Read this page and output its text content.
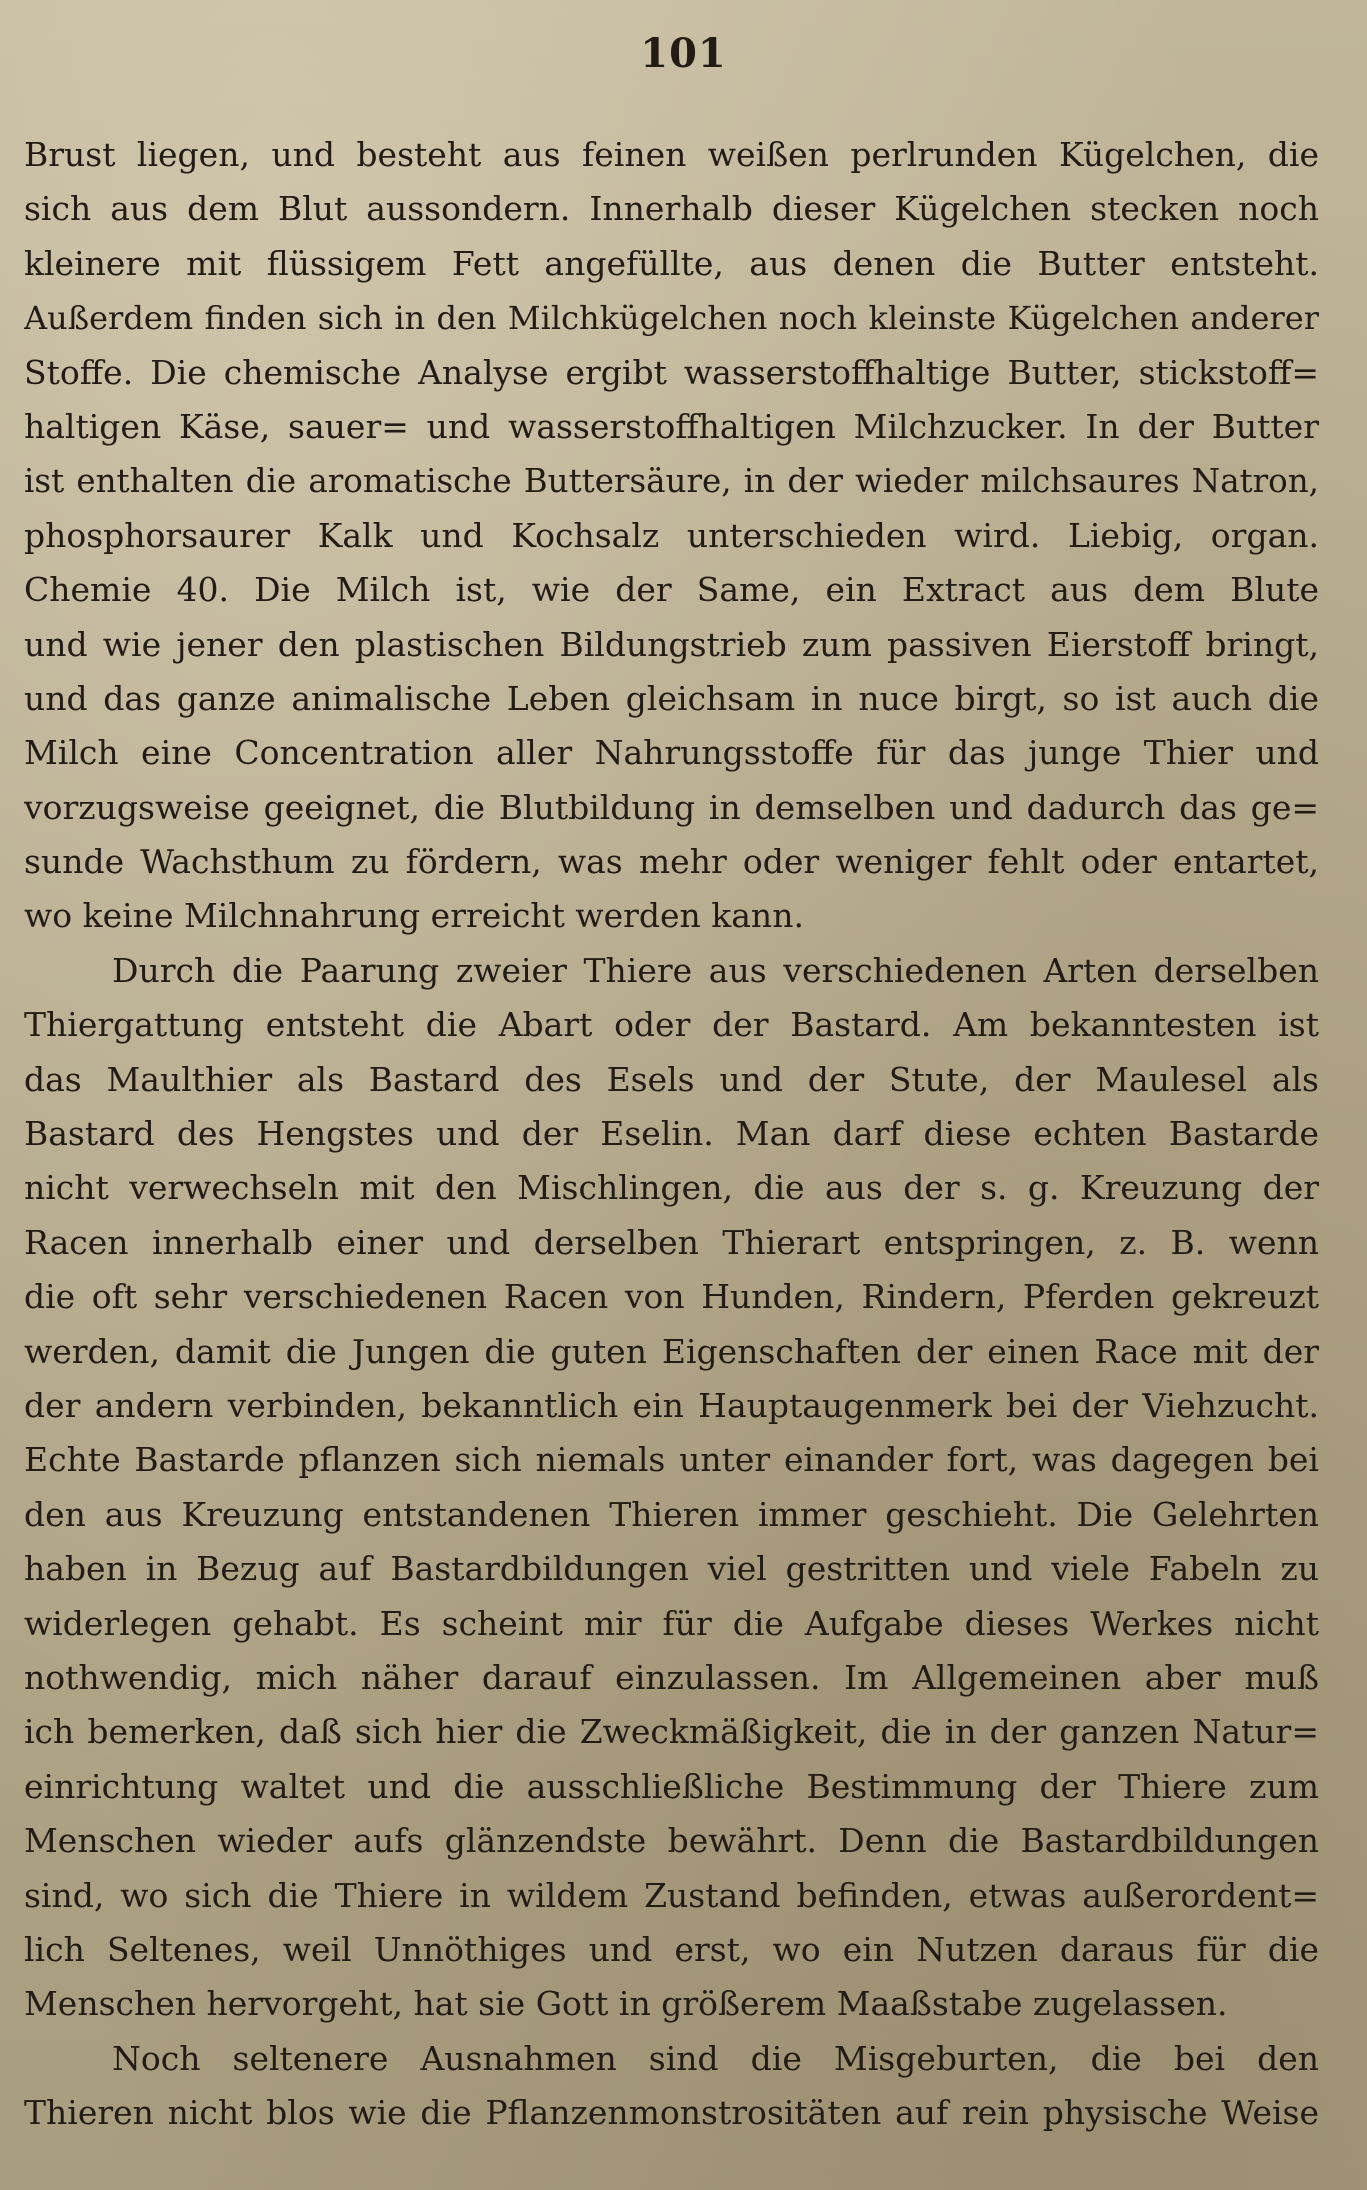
101
Brust liegen, und besteht aus feinen weißen perlrunden Kügelchen, die
sich aus dem Blut aussondern. Innerhalb dieser Kügelchen stecken noch
kleinere mit flüssigem Fett angefüllte, aus denen die Butter entsteht.
Außerdem finden sich in den Milchkügelchen noch kleinste Kügelchen anderer
Stoffe. Die chemische Analyse ergibt wasserstoffhaltige Butter, stickstoff=
haltigen Käse, sauer= und wasserstoffhaltigen Milchzucker. In der Butter
ist enthalten die aromatische Buttersäure, in der wieder milchsaures Natron,
phosphorsaurer Kalk und Kochsalz unterschieden wird. Liebig, organ.
Chemie 40. Die Milch ist, wie der Same, ein Extract aus dem Blute
und wie jener den plastischen Bildungstrieb zum passiven Eierstoff bringt,
und das ganze animalische Leben gleichsam in nuce birgt, so ist auch die
Milch eine Concentration aller Nahrungsstoffe für das junge Thier und
vorzugsweise geeignet, die Blutbildung in demselben und dadurch das ge=
sunde Wachsthum zu fördern, was mehr oder weniger fehlt oder entartet,
wo keine Milchnahrung erreicht werden kann.
Durch die Paarung zweier Thiere aus verschiedenen Arten derselben
Thiergattung entsteht die Abart oder der Bastard. Am bekanntesten ist
das Maulthier als Bastard des Esels und der Stute, der Maulesel als
Bastard des Hengstes und der Eselin. Man darf diese echten Bastarde
nicht verwechseln mit den Mischlingen, die aus der s. g. Kreuzung der
Racen innerhalb einer und derselben Thierart entspringen, z. B. wenn
die oft sehr verschiedenen Racen von Hunden, Rindern, Pferden gekreuzt
werden, damit die Jungen die guten Eigenschaften der einen Race mit der
der andern verbinden, bekanntlich ein Hauptaugenmerk bei der Viehzucht.
Echte Bastarde pflanzen sich niemals unter einander fort, was dagegen bei
den aus Kreuzung entstandenen Thieren immer geschieht. Die Gelehrten
haben in Bezug auf Bastardbildungen viel gestritten und viele Fabeln zu
widerlegen gehabt. Es scheint mir für die Aufgabe dieses Werkes nicht
nothwendig, mich näher darauf einzulassen. Im Allgemeinen aber muß
ich bemerken, daß sich hier die Zweckmäßigkeit, die in der ganzen Natur=
einrichtung waltet und die ausschließliche Bestimmung der Thiere zum
Menschen wieder aufs glänzendste bewährt. Denn die Bastardbildungen
sind, wo sich die Thiere in wildem Zustand befinden, etwas außerordent=
lich Seltenes, weil Unnöthiges und erst, wo ein Nutzen daraus für die
Menschen hervorgeht, hat sie Gott in größerem Maaßstabe zugelassen.
Noch seltenere Ausnahmen sind die Misgeburten, die bei den
Thieren nicht blos wie die Pflanzenmonstrositäten auf rein physische Weise
